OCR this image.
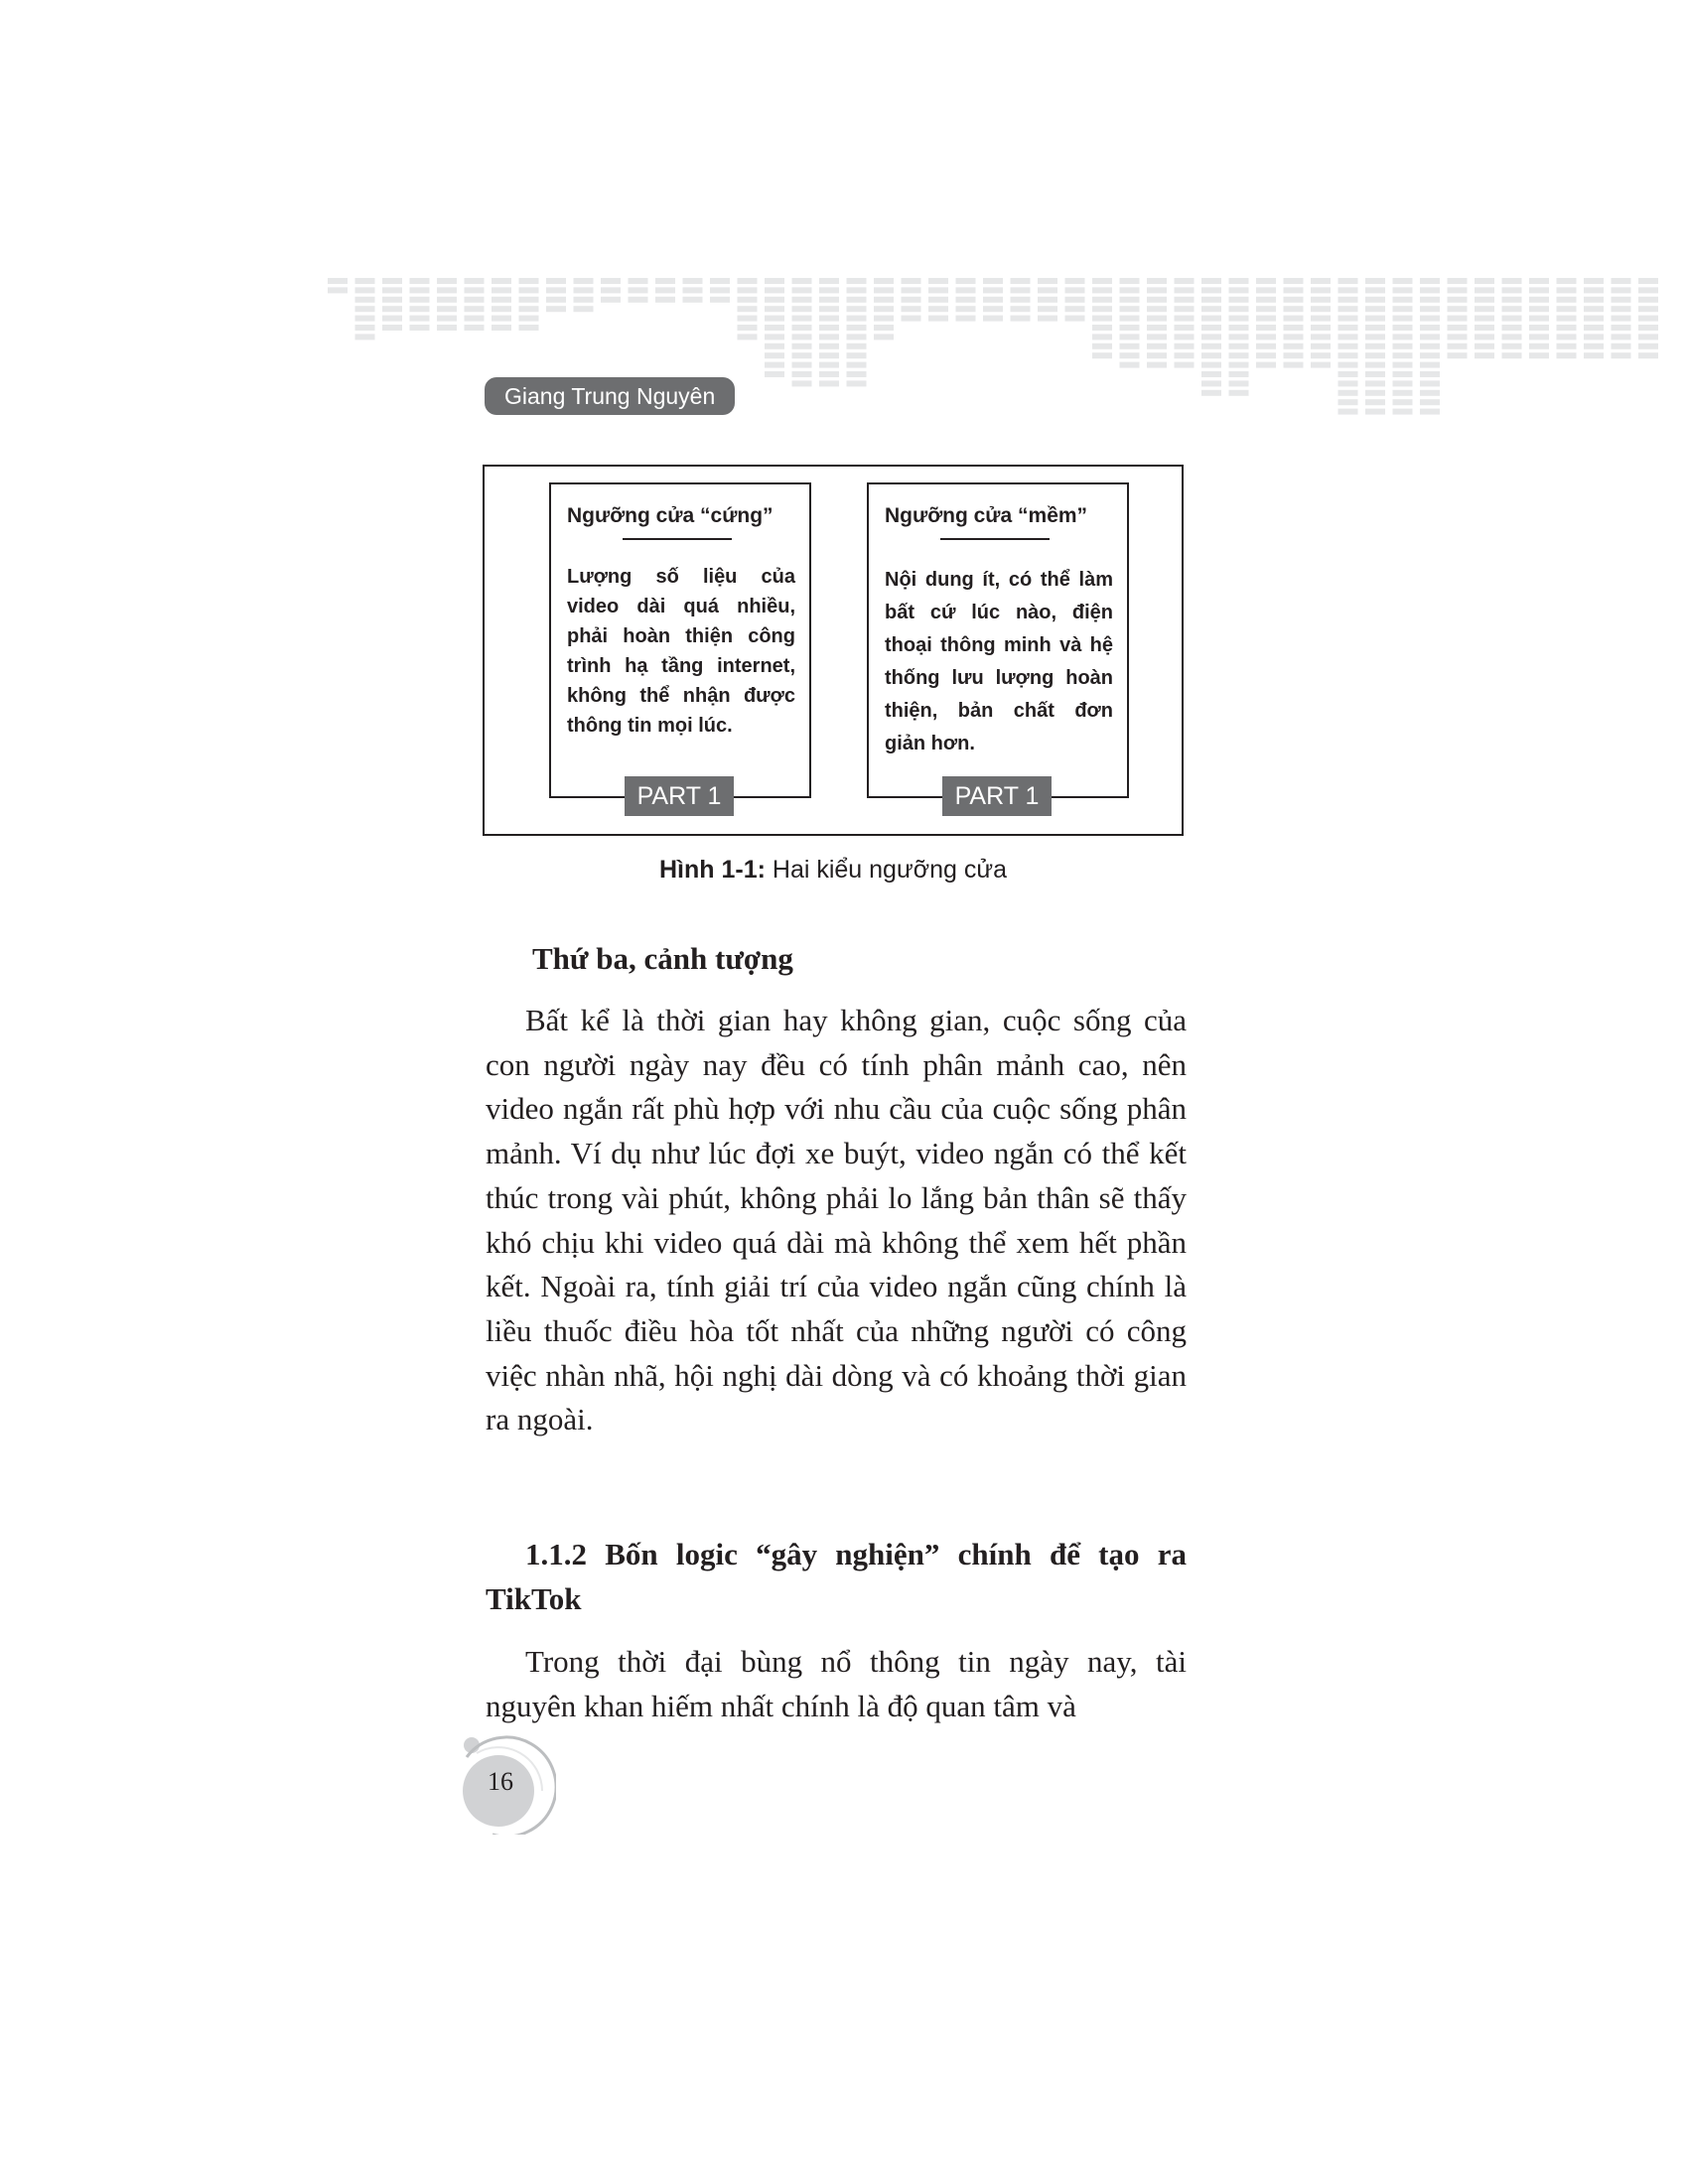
Giang Trung Nguyên
Ngưỡng cửa “cứng”
Lượng số liệu của video dài quá nhiều, phải hoàn thiện công trình hạ tầng internet, không thể nhận được thông tin mọi lúc.
PART 1
Ngưỡng cửa “mềm”
Nội dung ít, có thể làm bất cứ lúc nào, điện thoại thông minh và hệ thống lưu lượng hoàn thiện, bản chất đơn giản hơn.
PART 1
Hình 1-1: Hai kiểu ngưỡng cửa
Thứ ba, cảnh tượng

Bất kể là thời gian hay không gian, cuộc sống của con người ngày nay đều có tính phân mảnh cao, nên video ngắn rất phù hợp với nhu cầu của cuộc sống phân mảnh. Ví dụ như lúc đợi xe buýt, video ngắn có thể kết thúc trong vài phút, không phải lo lắng bản thân sẽ thấy khó chịu khi video quá dài mà không thể xem hết phần kết. Ngoài ra, tính giải trí của video ngắn cũng chính là liều thuốc điều hòa tốt nhất của những người có công việc nhàn nhã, hội nghị dài dòng và có khoảng thời gian ra ngoài.

1.1.2 Bốn logic “gây nghiện” chính để tạo ra TikTok

Trong thời đại bùng nổ thông tin ngày nay, tài nguyên khan hiếm nhất chính là độ quan tâm và

16
